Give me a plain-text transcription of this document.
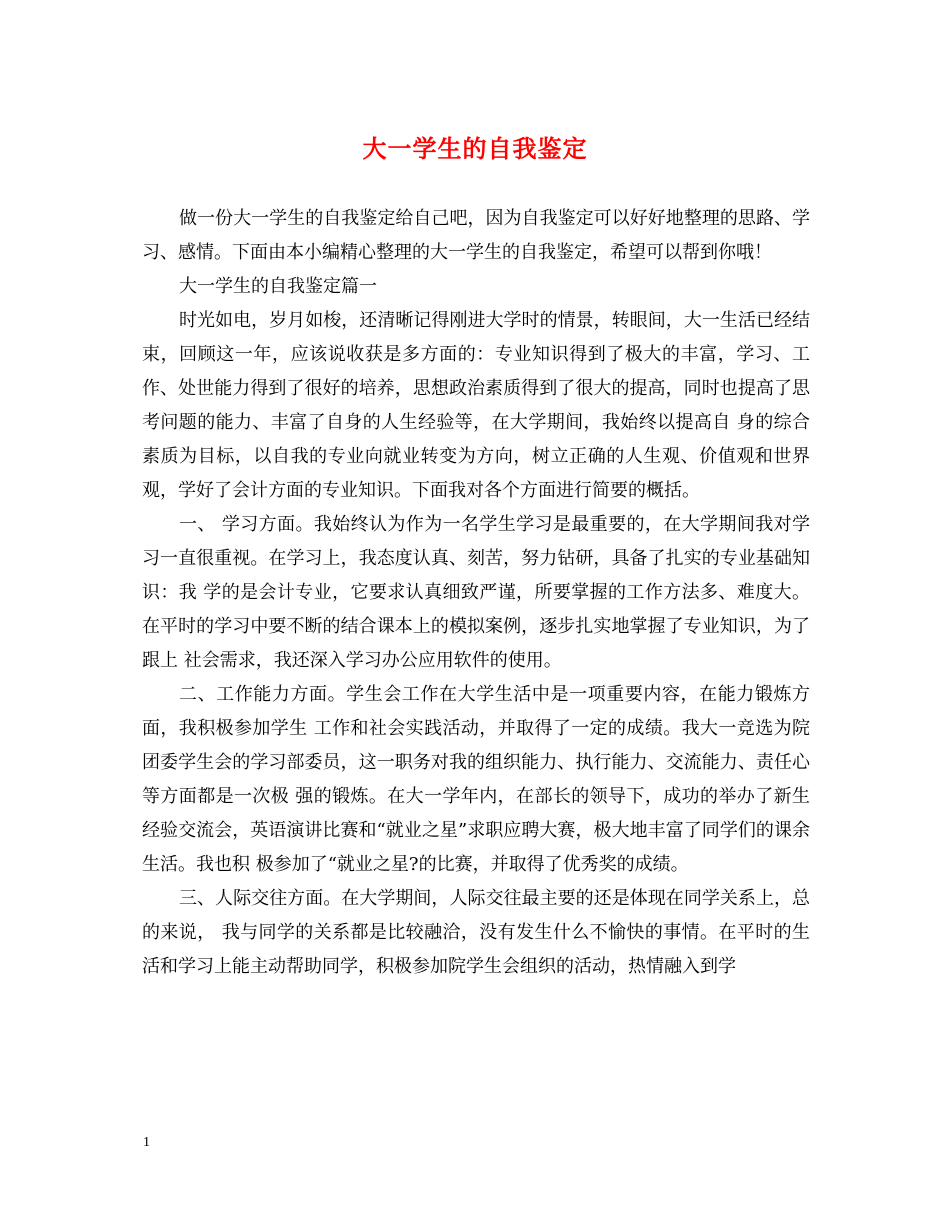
大一学生的自我鉴定

做一份大一学生的自我鉴定给自己吧，因为自我鉴定可以好好地整理的思路、学习、感情。下面由本小编精心整理的大一学生的自我鉴定，希望可以帮到你哦！

大一学生的自我鉴定篇一

时光如电，岁月如梭，还清晰记得刚进大学时的情景，转眼间，大一生活已经结束，回顾这一年，应该说收获是多方面的：专业知识得到了极大的丰富，学习、工作、处世能力得到了很好的培养，思想政治素质得到了很大的提高，同时也提高了思考问题的能力、丰富了自身的人生经验等，在大学期间，我始终以提高自 身的综合素质为目标，以自我的专业向就业转变为方向，树立正确的人生观、价值观和世界观，学好了会计方面的专业知识。下面我对各个方面进行简要的概括。

一、 学习方面。我始终认为作为一名学生学习是最重要的，在大学期间我对学习一直很重视。在学习上，我态度认真、刻苦，努力钻研，具备了扎实的专业基础知识：我 学的是会计专业，它要求认真细致严谨，所要掌握的工作方法多、难度大。在平时的学习中要不断的结合课本上的模拟案例，逐步扎实地掌握了专业知识，为了跟上 社会需求，我还深入学习办公应用软件的使用。

二、工作能力方面。学生会工作在大学生活中是一项重要内容，在能力锻炼方面，我积极参加学生 工作和社会实践活动，并取得了一定的成绩。我大一竞选为院团委学生会的学习部委员，这一职务对我的组织能力、执行能力、交流能力、责任心等方面都是一次极 强的锻炼。在大一学年内，在部长的领导下，成功的举办了新生经验交流会，英语演讲比赛和“就业之星”求职应聘大赛，极大地丰富了同学们的课余生活。我也积 极参加了“就业之星?的比赛，并取得了优秀奖的成绩。

三、人际交往方面。在大学期间，人际交往最主要的还是体现在同学关系上，总的来说， 我与同学的关系都是比较融洽，没有发生什么不愉快的事情。在平时的生活和学习上能主动帮助同学，积极参加院学生会组织的活动，热情融入到学

1
